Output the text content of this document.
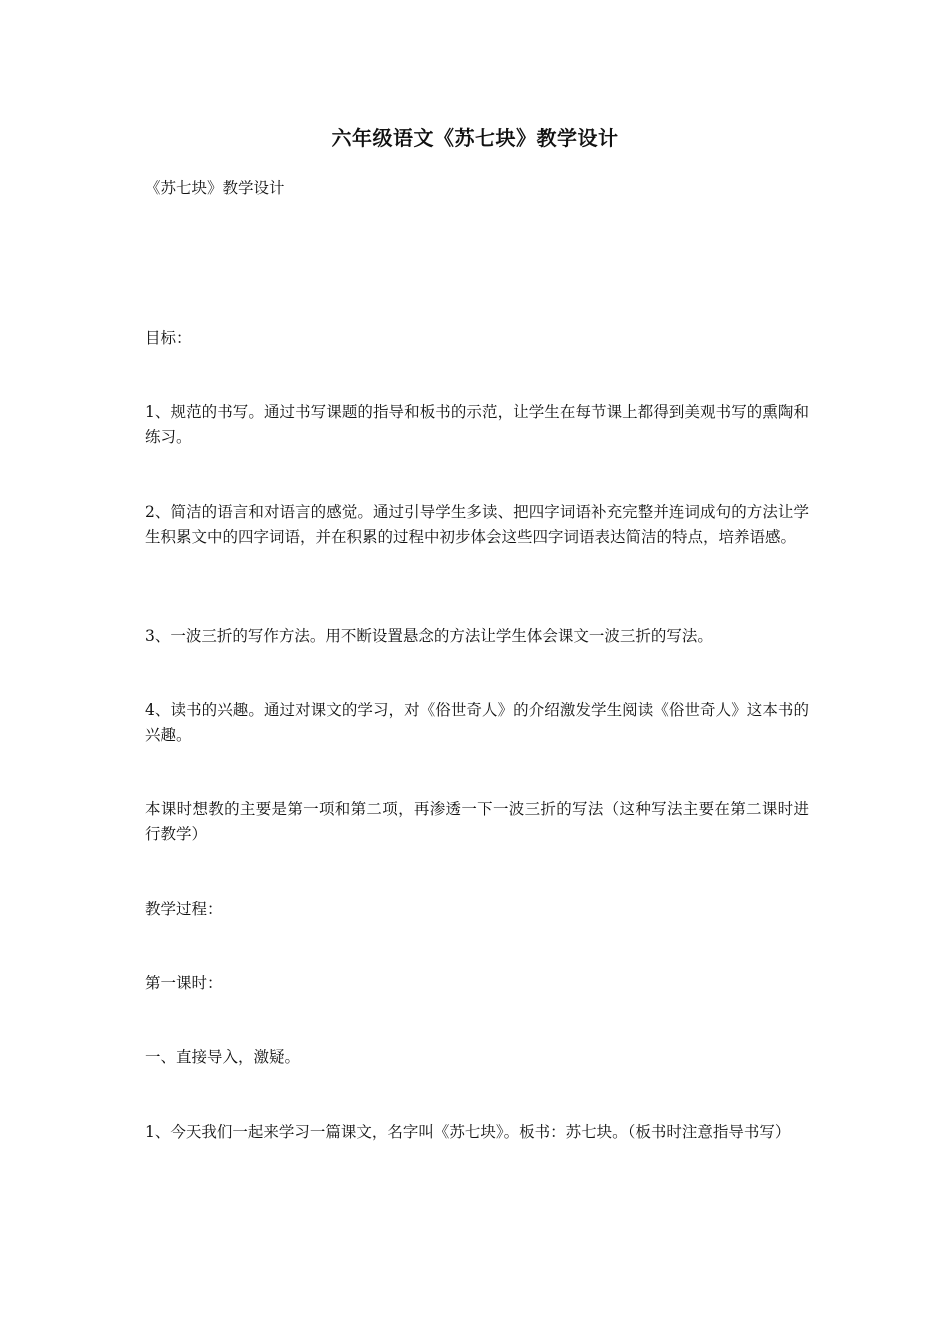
六年级语文《苏七块》教学设计

《苏七块》教学设计

目标：

1、规范的书写。通过书写课题的指导和板书的示范，让学生在每节课上都得到美观书写的熏陶和练习。

2、简洁的语言和对语言的感觉。通过引导学生多读、把四字词语补充完整并连词成句的方法让学生积累文中的四字词语，并在积累的过程中初步体会这些四字词语表达简洁的特点，培养语感。

3、一波三折的写作方法。用不断设置悬念的方法让学生体会课文一波三折的写法。

4、读书的兴趣。通过对课文的学习，对《俗世奇人》的介绍激发学生阅读《俗世奇人》这本书的兴趣。

本课时想教的主要是第一项和第二项，再渗透一下一波三折的写法（这种写法主要在第二课时进行教学）

教学过程：

第一课时：

一、直接导入，激疑。

1、今天我们一起来学习一篇课文，名字叫《苏七块》。板书：苏七块。（板书时注意指导书写）
